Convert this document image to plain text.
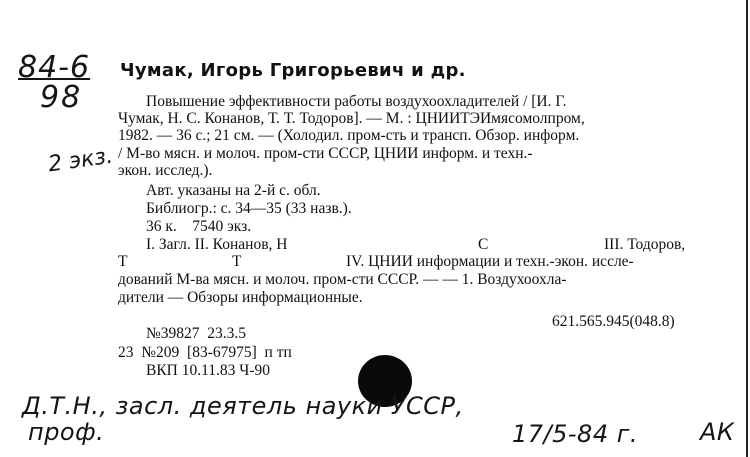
84-6
98
2 экз.
Чумак, Игорь Григорьевич и др.
Повышение эффективности работы воздухоохладителей / [И. Г.
Чумак, Н. С. Конанов, Т. Т. Тодоров]. — М. : ЦНИИТЭИмясомолпром,
1982. — 36 с.; 21 см. — (Холодил. пром-сть и трансп. Обзор. информ.
/ М-во мясн. и молоч. пром-сти СССР, ЦНИИ информ. и техн.-
экон. исслед.).
Авт. указаны на 2-й с. обл.
Библиогр.: с. 34—35 (33 назв.).
36 к.    7540 экз.
I. Загл. II. Конанов, Н	С	III. Тодоров,
Т	Т	IV. ЦНИИ информации и техн.-экон. иссле-
дований М-ва мясн. и молоч. пром-сти СССР. — — 1. Воздухоохла-
дители — Обзоры информационные.
621.565.945(048.8)
№39827  23.3.5
23  №209  [83-67975]  п тп
ВКП 10.11.83 Ч-90
Д.Т.Н., засл. деятель науки УССР,
проф.	17/5-84 г.	АК
